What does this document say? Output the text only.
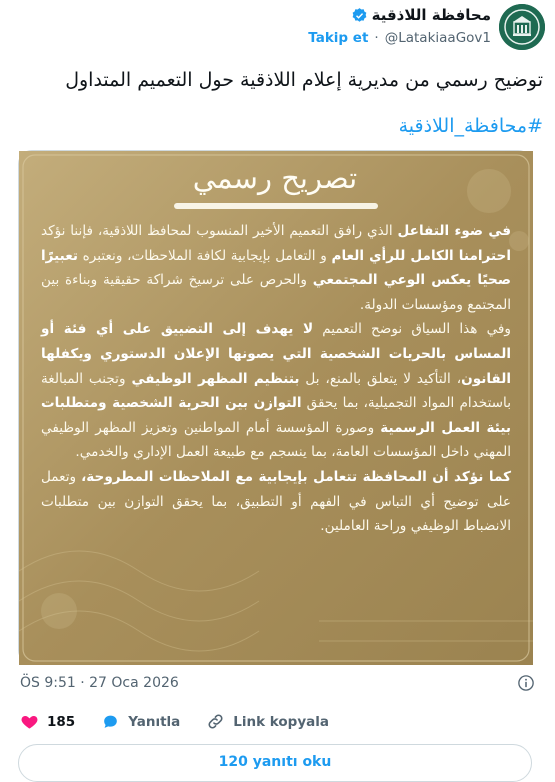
محافظة اللاذقية
Takip et · @LatakiaaGov1
توضيح رسمي من مديرية إعلام اللاذقية حول التعميم المتداول
#محافظة_اللاذقية
تصريح رسمي

في ضوء التفاعل الذي رافق التعميم الأخير المنسوب لمحافظ اللاذقية، فإننا نؤكد احترامنا الكامل للرأي العام و التعامل بإيجابية لكافة الملاحظات، ونعتبره تعبيرًا صحيًا يعكس الوعي المجتمعي والحرص على ترسيخ شراكة حقيقية وبناءة بين المجتمع ومؤسسات الدولة.

وفي هذا السياق نوضح التعميم لا يهدف إلى التضييق على أي فئة أو المساس بالحريات الشخصية التي يصونها الإعلان الدستوري ويكفلها القانون، التأكيد لا يتعلق بالمنع، بل بتنظيم المظهر الوظيفي وتجنب المبالغة باستخدام المواد التجميلية، بما يحقق التوازن بين الحرية الشخصية ومتطلبات بيئة العمل الرسمية وصورة المؤسسة أمام المواطنين وتعزيز المظهر الوظيفي المهني داخل المؤسسات العامة، بما ينسجم مع طبيعة العمل الإداري والخدمي.

كما نؤكد أن المحافظة تتعامل بإيجابية مع الملاحظات المطروحة، وتعمل على توضيح أي التباس في الفهم أو التطبيق، بما يحقق التوازن بين متطلبات الانضباط الوظيفي وراحة العاملين.

ÖS 9:51 · 27 Oca 2026
185	Yanıtla	Link kopyala
120 yanıtı oku
